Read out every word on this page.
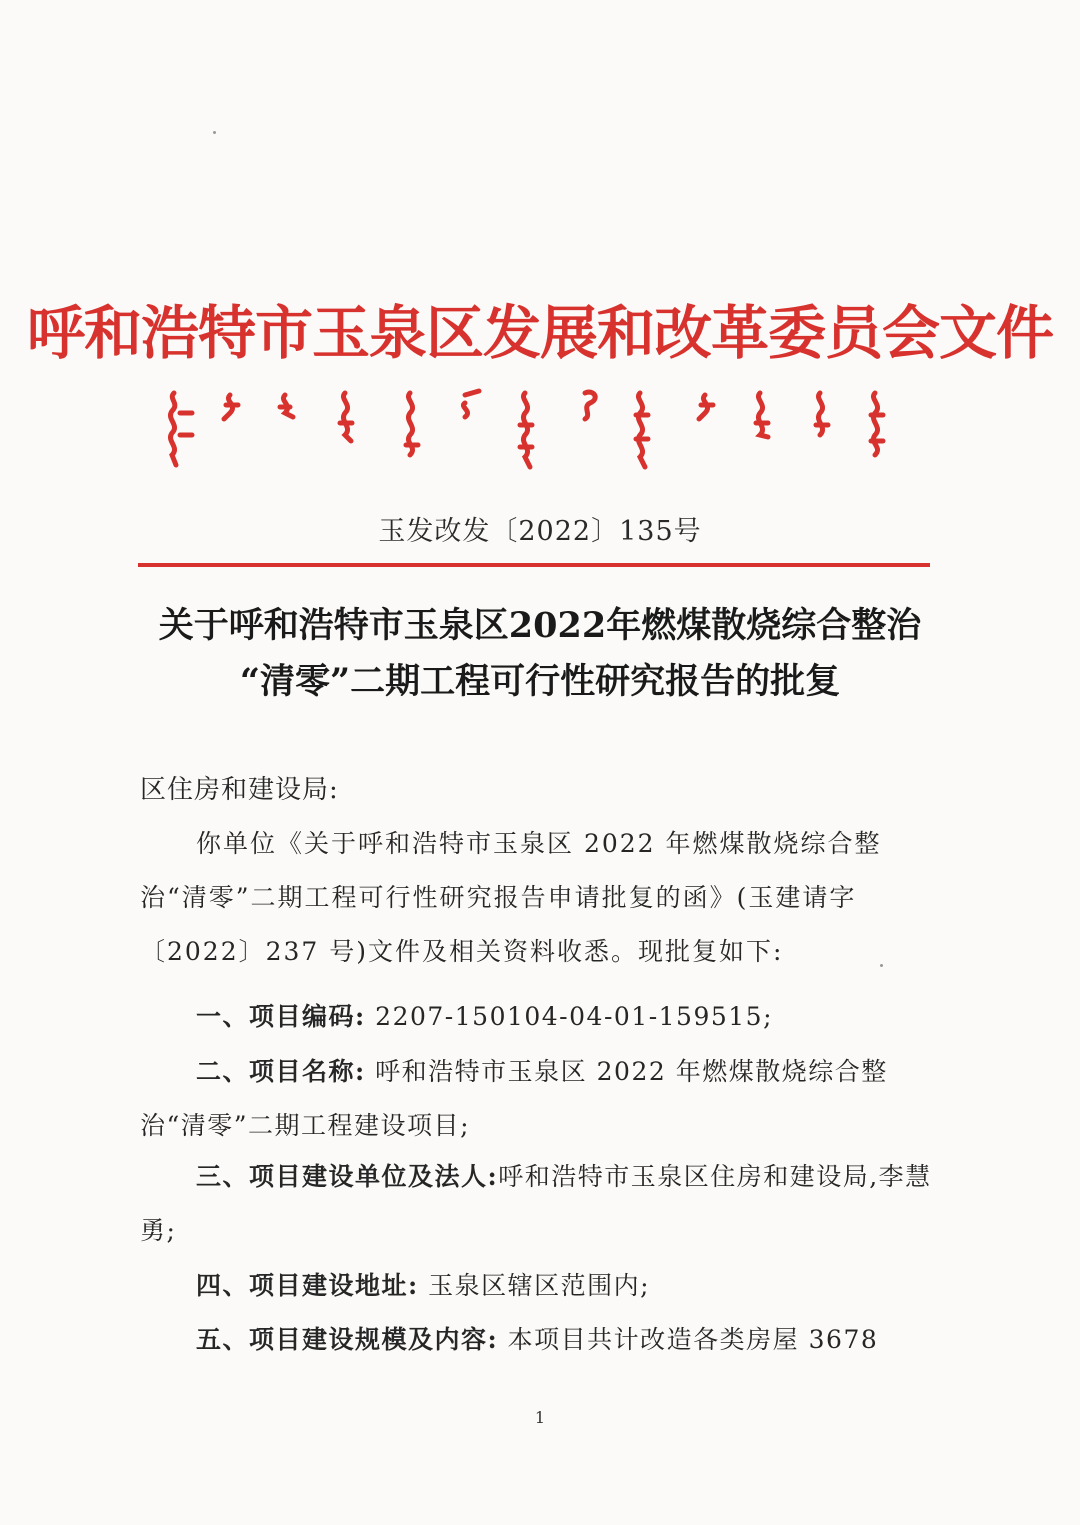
呼和浩特市玉泉区发展和改革委员会文件
玉发改发〔2022〕135号
关于呼和浩特市玉泉区2022年燃煤散烧综合整治
“清零”二期工程可行性研究报告的批复
区住房和建设局:
你单位《关于呼和浩特市玉泉区 2022 年燃煤散烧综合整治“清零”二期工程可行性研究报告申请批复的函》(玉建请字〔2022〕237 号)文件及相关资料收悉。现批复如下:
一、项目编码: 2207-150104-04-01-159515;
二、项目名称: 呼和浩特市玉泉区 2022 年燃煤散烧综合整治“清零”二期工程建设项目;
三、项目建设单位及法人:呼和浩特市玉泉区住房和建设局,李慧勇;
四、项目建设地址: 玉泉区辖区范围内;
五、项目建设规模及内容: 本项目共计改造各类房屋 3678
1
